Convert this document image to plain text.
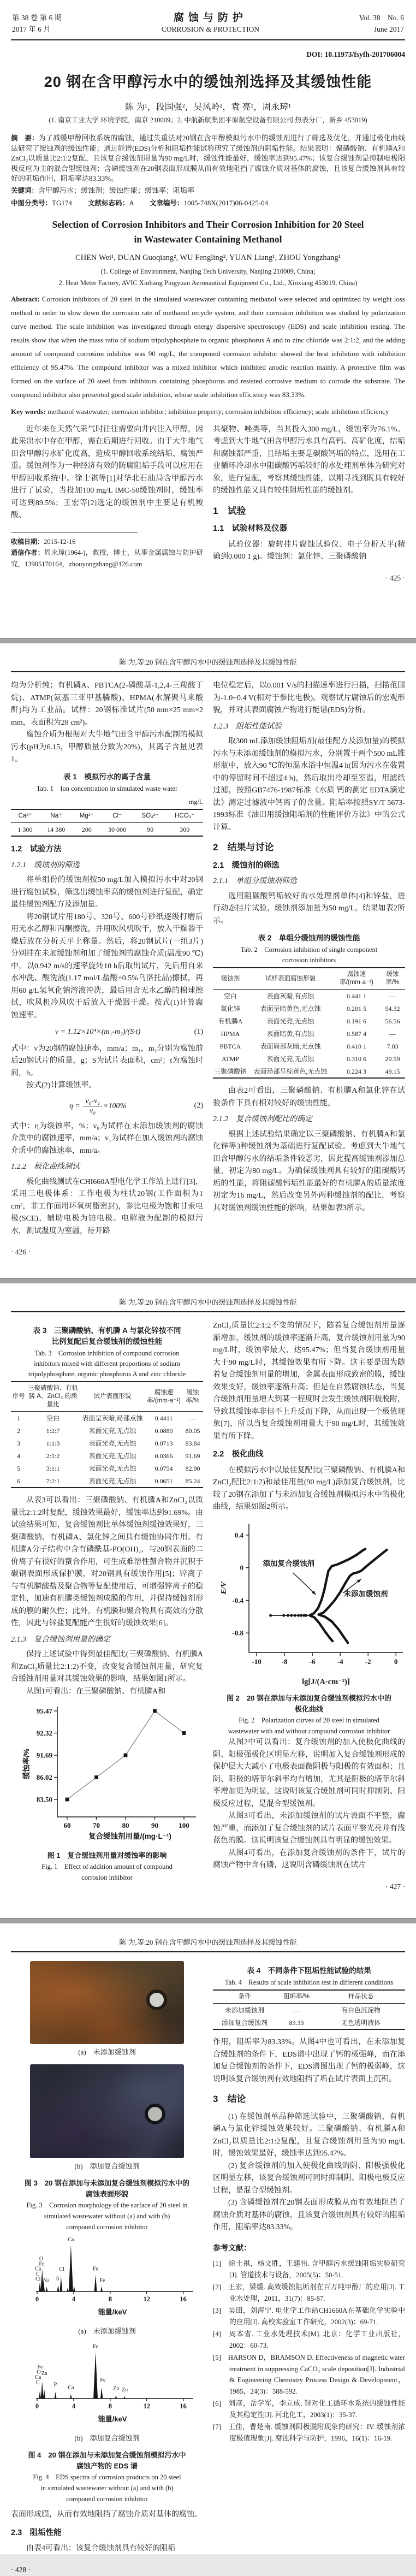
第 38 卷 第 6 期
2017 年 6 月
腐蚀与防护
CORROSION & PROTECTION
Vol. 38　No. 6
June 2017
DOI: 10.11973/fsyfh-201706004
20 钢在含甲醇污水中的缓蚀剂选择及其缓蚀性能
陈 为¹，段国强²，吴风岭²，袁 亮¹，周永璋¹
(1. 南京工业大学 环境学院，南京 210009；2. 中航新航集团平原航空设备有限公司 热表分厂，新乡 453019)

摘　要：为了减缓甲醇回收系统的腐蚀，通过失重法对20钢在含甲醇模拟污水中的缓蚀剂进行了筛选及优化，并通过极化曲线法研究了缓蚀剂的缓蚀性能；通过能谱(EDS)分析和阻垢性能试验研究了缓蚀剂的阻垢性能。结果表明：聚磷酸钠、有机膦A和ZnCl₂以质量比2:1:2复配，且该复合缓蚀剂用量为90 mg/L时，缓蚀性能最好，缓蚀率达到95.47%；该复合缓蚀剂是抑制电极阳极反应为主的混合型缓蚀剂；含磷缓蚀剂在20钢表面形成膜从而有效地阻挡了腐蚀介质对基体的腐蚀，且该复合缓蚀剂具有较好的阻垢作用，阻垢率达83.33%。

关键词：含甲醇污水；缓蚀剂；缓蚀性能；缓蚀率；阻垢率

中图分类号：TG174 文献标志码：A 文章编号：1005-748X(2017)06-0425-04

Selection of Corrosion Inhibitors and Their Corrosion Inhibition for 20 Steel
in Wastewater Containing Methanol
CHEN Wei¹, DUAN Guoqiang², WU Fengling², YUAN Liang¹, ZHOU Yongzhang¹
(1. College of Environment, Nanjing Tech University, Nanjing 210009, China;
2. Heat Meter Factory, AVIC Xinhang Pingyuan Aeronautical Equipment Co., Ltd., Xinxiang 453019, China)

Abstract: Corrosion inhibitors of 20 steel in the simulated wastewater containing methanol were selected and optimized by weight loss method in order to slow down the corrosion rate of methanol recycle system, and their corrosion inhibition was studied by polarization curve method. The scale inhibition was investigated through energy dispersive spectroscopy (EDS) and scale inhibition testing. The results show that when the mass ratio of sodium tripolyphosphate to organic phosphorus A and to zinc chloride was 2:1:2, and the adding amount of compound corrosion inhibitor was 90 mg/L, the compound corrosion inhibitor showed the best inhibition with inhibition efficiency of 95.47%. The compound inhibitor was a mixed inhibitor which inhibited anodic reaction mainly. A protective film was formed on the surface of 20 steel from inhibitors containing phosphorus and resisted corrosive medium to corrode the substrate. The compound inhibitor also presented good scale inhibition, whose scale inhibition efficiency was 83.33%.

Key words: methanol wastewater; corrosion inhibitor; inhibition property; corrosion inhibition efficiency; scale inhibition efficiency

近年来在天然气采气时往往需要向井内注入甲醇，因此采出水中存在甲醇，需在后期进行回收。由于大牛地气田含甲醇污水矿化度高，造成甲醇回收系统结垢、腐蚀严重。缓蚀剂作为一种经济有效的防腐阻垢手段可以应用在甲醇回收系统中。徐士祺等[1]对华北石油局含甲醇污水进行了试验，当投加100 mg/L IMC-50缓蚀剂时，缓蚀率可达到89.5%；王宏等[2]选定的缓蚀剂中主要是有机羧酸、
收稿日期：2015-12-16
通信作者：周永璋(1964-)，教授，博士，从事金属腐蚀与防护研究，13905170164，zhouyongzhang@126.com
共聚物、唑类等，当其投入300 mg/L，缓蚀率为76.1%。考虑到大牛地气田含甲醇污水具有高钙、高矿化度，结垢和腐蚀都严重，且结垢主要是碳酸钙垢的特点，选用在工业循环冷却水中阻碳酸钙垢较好的水处理剂单体为研究对象，进行复配，考察其缓蚀性能，以期寻找到既具有较好的缓蚀性能又具有较佳阻垢性能的缓蚀剂。
1　试验
1.1　试验材料及仪器
试验仪器：旋转挂片腐蚀试验仪、电子分析天平(精确到0.000 1 g)。缓蚀剂：氯化锌、三聚磷酸钠
· 425 ·
陈 为,等:20 钢在含甲醇污水中的缓蚀剂选择及其缓蚀性能
均为分析纯；有机磷A、PBTCA(2-磷酸基-1,2,4-三羧酸丁烷)、ATMP(氨基三亚甲基膦酸)、HPMA(水解聚马来酸酐)均为工业品。试样：20钢标准试片(50 mm×25 mm×2 mm，表面积为28 cm²)。
腐蚀介质为根据对大牛地气田含甲醇污水配制的模拟污水(pH为6.15，甲醇质量分数为20%)，其离子含量见表1。
表 1　模拟污水的离子含量
Tab. 1　Ion concentration in simulated waste water
mg/L
Ca²⁺	Na⁺	Mg²⁺	Cl⁻	SO₄²⁻	HCO₃⁻
1 300	14 380	200	30 000	90	300
1.2　试验方法
1.2.1　缓蚀剂的筛选
将单组份的缓蚀剂按50 mg/L加入模拟污水中对20钢进行腐蚀试验，筛选出缓蚀率高的缓蚀剂进行复配，确定最佳缓蚀剂配方及添加量。
将20钢试片用180号、320号、600号砂纸逐级打磨后用无水乙醇和丙酮擦洗，并用吹风机吹干，放入干燥器干燥后放在分析天平上称量。然后，将20钢试片(一组3片)分别挂在未加缓蚀剂和加了缓蚀剂的腐蚀介质(温度90 ℃)中，以0.942 m/s的速率旋转10 h后取出试片，先后用自来水冲洗、酸洗液(1.17 mol/L盐酸+0.5%乌洛托品)擦拭，再用60 g/L氢氧化钠溶液冲洗，最后用含无水乙醇的棉球擦拭，吹风机冷风吹干后放入干燥器干燥。按式(1)计算腐蚀速率。
v = 1.12×10⁴×(m₁-m₂)/(S·t)	(1)
式中：v为20钢的腐蚀速率，mm/a；m₁，m₂分别为腐蚀前后20钢试片的质量，g；S为试片表面积，cm²；t为腐蚀时间，h。
按式(2)计算缓蚀率。
$\eta = \frac{\text{v₀-v₁}}{\text{v₀}} \times 100\%$	(2)
式中：η为缓蚀率，%；v₀为试样在未添加缓蚀剂的腐蚀介质中的腐蚀速率，mm/a；v₁为试样在加入缓蚀剂的腐蚀介质中的腐蚀速率，mm/a。
1.2.2　极化曲线测试
极化曲线测试在CHI660A型电化学工作站上进行[3]，采用三电极体系：工作电极为柱状20钢(工作面积为1 cm²，非工作面用环氧树脂密封)，参比电极为饱和甘汞电极(SCE)，辅助电极为铂电极。电解液为配制的模拟污水，测试温度为室温，待开路
· 426 ·
电位稳定后，以0.001 V/s的扫描速率进行扫描，扫描范围为-1.0~0.4 V(相对于参比电极)。观察试片腐蚀后的宏观形貌，并对其表面腐蚀产物进行能谱(EDS)分析。
1.2.3　阻垢性能试验
取300 mL添加缓蚀阻垢剂(最佳配方及添加量)的模拟污水与未添加缓蚀剂的模拟污水，分别置于两个500 mL锥形瓶中，放入90 ℃的恒温水浴中恒温4 h(因为污水在装置中的停留时间不超过4 h)，然后取出冷却至室温，用滤纸过滤，按照GB7476-1987标准《水质 钙的测定 EDTA滴定法》测定过滤液中钙离子的含量。阻垢率按照SY/T 5673-1993标准《油田用缓蚀阻垢剂的性能评价方法》中的公式计算。
2　结果与讨论
2.1　缓蚀剂的筛选
2.1.1　单组分缓蚀剂筛选
选用阻碳酸钙垢较好的水处理剂单体[4]和锌盐，进行动态挂片试验，缓蚀剂添加量为50 mg/L，结果如表2所示。
表 2　单组分缓蚀剂的缓蚀性能
Tab. 2　Corrosion inhibition of single component
corrosion inhibitors
缓蚀剂	试样表面腐蚀形貌	腐蚀速率/(mm·a⁻¹)	缓蚀率/%
空白	表面灰暗,有点蚀	0.441 1	—
氯化锌	表面呈暗黄色,无点蚀	0.201 5	54.32
有机膦A	表面光亮,无点蚀	0.191 6	56.56
HPMA	表面暗黄,有点蚀	0.587 4	—
PBTCA	表面局部灰暗,无点蚀	0.410 1	7.03
ATMP	表面光亮,无点蚀	0.310 6	29.59
三聚磷酸钠	表面局部呈棕黄色,无点蚀	0.224 3	49.15
由表2可看出，三聚磷酸钠、有机膦A和氯化锌在试验条件下具有相对较好的缓蚀性能。
2.1.2　复合缓蚀剂配比的确定
根据上述试验结果确定以三聚磷酸钠、有机膦A和氯化锌等3种缓蚀剂为基础进行复配试验。考虑到大牛地气田含甲醇污水的结垢条件较恶劣，因此提高缓蚀剂添加总量，初定为80 mg/L。为确保缓蚀剂具有较好的阻碳酸钙垢的性能，将阻碳酸钙垢性能最好的有机膦A的质量浓度初定为16 mg/L，然后改变另外两种缓蚀剂的配比，考察其对缓蚀剂缓蚀性能的影响，结果如表3所示。
陈 为,等:20 钢在含甲醇污水中的缓蚀剂选择及其缓蚀性能
表 3　三聚磷酸钠、有机膦 A 与氯化锌按不同
比例复配后复合缓蚀剂的缓蚀性能
Tab. 3　Corrosion inhibition of compound corrosion
inhibitors mixed with different proportions of sodium
tripolyphosphate, organic phosphorus A and zinc chloride
序号	三聚磷酸钠、有机膦 A、ZnCl₂ 的质量比	试片表面形貌	腐蚀速率/(mm·a⁻¹)	缓蚀率/%
1	空白	表面呈灰暗,局部点蚀	0.4411	—
2	1:2:7	表面光亮,无点蚀	0.0880	80.05
3	1:1:3	表面光亮,无点蚀	0.0713	83.84
4	2:1:2	表面光亮,无点蚀	0.0366	91.69
5	3:1:1	表面光亮,无点蚀	0.0754	82.90
6	7:2:1	表面光亮,无点蚀	0.0651	85.24
从表3可以看出：三聚磷酸钠、有机膦A和ZnCl₂以质量比2:1:2时复配，缓蚀效果最好，缓蚀率达到91.69%。由试验结果可知，复合缓蚀剂比单体缓蚀剂缓蚀效果好，三聚磷酸钠、有机磷A、氯化锌之间具有缓蚀协同作用。有机膦A分子结构中含有磷酰基-PO(OH)₂，与20钢表面的二价离子有很好的螯合作用，可生成难溶性螯合物并沉积于碳钢表面形成保护膜，对20钢具有缓蚀作用[5]；锌离子与有机膦酸盐及聚合物等复配使用后，可增强锌离子的稳定性，加速有机膦类缓蚀剂成膜的作用，并保持缓蚀剂形成的膜的耐久性；此外，有机膦和聚合物具有高效的分散性，因此与锌盐复配能产生很好的缓蚀效果[6]。
2.1.3　复合缓蚀剂用量的确定
保持上述试验中得到最佳配比(三聚磷酸钠、有机膦A和ZnCl₂质量比2:1:2)不变，改变复合缓蚀剂用量，研究复合缓蚀剂用量对其缓蚀效果的影响，结果如图1所示。
从图1可看出：在三聚磷酸钠、有机膦A和
95.47
92.32
91.69
86.02
83.50
60	70	80	90	100
缓蚀率/%
复合缓蚀剂用量/(mg·L⁻¹)
图 1　复合缓蚀剂用量对缓蚀率的影响
Fig. 1　Effect of addition amount of compound
corrosion inhibitor
ZnCl₂质量比2:1:2不变的情况下，随着复合缓蚀剂用量逐渐增加，缓蚀剂的缓蚀率逐渐升高，复合缓蚀剂用量为90 mg/L时，缓蚀率最大，达95.47%；但当复合缓蚀剂用量大于90 mg/L时，其缓蚀效果有所下降。这主要是因为随着复合缓蚀剂用量的增加，金属表面形成致密的膜，缓蚀效果变好，缓蚀率逐渐升高；但是在自然腐蚀状态，当复合缓蚀剂用量增大到某一程度时会发生缓蚀剂阳极脱附，导致其缓蚀率非但不上升反而下降，从而出现一个极值现象[7]，所以当复合缓蚀剂用量大于90 mg/L时，其缓蚀效果有所下降。
2.2　极化曲线
在模拟污水中以最佳复配比(三聚磷酸钠、有机膦A和ZnCl₂配比2:1:2)和最佳用量(90 mg/L)添加复合缓蚀剂，比较了20钢在添加了与未添加复合缓蚀剂模拟污水中的极化曲线，结果如图2所示。
0.4
0
-0.4
-0.8
-10	-8	-6	-4	-2	0
添加复合缓蚀剂
未添加缓蚀剂
E/V
lg[J/(A·cm⁻²)]
图 2　20 钢在添加与未添加复合缓蚀剂模拟污水中的
极化曲线
Fig. 2　Polarization curves of 20 steel in simulated
wastewater with and without compound corrosion inhibitor
从图2中可以看出：复合缓蚀剂的加入使极化曲线的阴、阳极强极化区明显左移，说明加入复合缓蚀剂形成的保护层大大减小了电极表面微阴极与阳极的有效面积；且阴、阳极的塔菲尔斜率均有增加，尤其是阳极的塔菲尔斜率增加更为明显，这说明该复合缓蚀剂可同时抑制阴、阳极反应过程，是混合型缓蚀剂。
从图3可看出，未添加缓蚀剂的试片表面不平整，腐蚀严重，而添加了复合缓蚀剂的试片表面平整光亮并有浅蓝色的膜。这说明该复合缓蚀剂具有明显的缓蚀效果。
从图4可看出，在添加复合缓蚀剂的条件下，试片的腐蚀产物中含有磷，这说明含磷缓蚀剂在试片
· 427 ·
陈 为,等:20 钢在含甲醇污水中的缓蚀剂选择及其缓蚀性能
(a)　未添加缓蚀剂
(b)　添加复合缓蚀剂
图 3　20 钢在添加与未添加复合缓蚀剂模拟污水中的
腐蚀表面形貌
Fig. 3　Corrosion morphology of the surface of 20 steel in
simulated wastewater without (a) and with (b)
compound corrosion inhibitor
Ca
O
Fe
Ca
C
Cl Na S
Cl	Fe
Fe
0	4	8	12	16
能量/keV
(a)　未添加缓蚀剂
Fe
Fe
O Zn
Ca
C	P Ca
Fe
Zn Zn
0	4	8	12	16
能量/keV
(b)　添加复合缓蚀剂
图 4　20 钢在添加与未添加复合缓蚀剂模拟污水中
腐蚀产物的 EDS 谱
Fig. 4　EDS spectra of corrosion products on 20 steel
in simulated wastewater without (a) and with (b)
compound corrosion inhibitor
表面形成膜，从而有效地阻挡了腐蚀介质对基体的腐蚀。
2.3　阻垢性能
由表4可看出：该复合缓蚀剂具有较好的阻垢
· 428 ·
表 4　不同条件下阻垢性能试验的结果
Tab. 4　Results of scale inhibition test in different conditions
条件	阻垢率/%	样品状态
未添加缓蚀剂	—	有白色沉淀物
添加复合缓蚀剂	83.33	无色透明液体
作用，阻垢率为83.33%。从图4中也可看出，在未添加复合缓蚀剂的条件下，EDS谱中出现了钙的极强峰，而在添加复合缓蚀剂的条件下，EDS谱图出现了钙的极弱峰，这说明该复合缓蚀剂有效地阻挡了垢在试片表面上沉积。
3　结论
(1) 在缓蚀剂单品种筛选试验中，三聚磷酸钠、有机磷A与氯化锌缓蚀效果较好。三聚磷酸钠、有机膦A和ZnCl₂以质量比2:1:2复配，且复合缓蚀剂用量为90 mg/L时，缓蚀效果最好，缓蚀率达到95.47%。
(2) 复合缓蚀剂的加入使极化曲线的阴、阳极强极化区明显左移，该复合缓蚀剂可同时抑制阴、阳极电极反应过程，是混合型缓蚀剂。
(3) 含磷缓蚀剂在20钢表面形成膜从而有效地阻挡了腐蚀介质对基体的腐蚀，且该复合缓蚀剂具有较好的阻垢作用，阻垢率达83.33%。
参考文献：
[1]　徐士祺，杨文胜，王建伟. 含甲醇污水缓蚀阻垢实验研究[J]. 管道技术与设备，2005(5)：50-51.
[2]　王宏，梁缓. 高效缓蚀阻垢剂在百万吨甲醇厂的应用[J]. 工业水处理，2011，31(7)：85-87.
[3]　吴田，刘海宁. 电化学工作站CH1660A在基础化学实验中的应用[J]. 高校实验室工作研究，2002(3)：69-71.
[4]　周本省. 工业水处理技术[M]. 北京：化学工业出版社，2002：60-73.
[5]　HARSON D，BRAMSON D. Effectiveness of magnetic water treatment in suppressing CaCO₃ scale deposition[J]. Industrial & Engineering Chemistry Process Design & Development，1985，24(3)：588-592.
[6]　刘彦，岳学军，李立成. 锌对化工循环水系统的缓蚀性能及其稳定性[J]. 河北化工，2003(1)：35-37.
[7]　王佳，曹楚南. 缓蚀剂阳极脱附现象的研究：IV. 缓蚀剂浓度极值现象[J]. 腐蚀科学与防护，1996，16(1)：16-19.
